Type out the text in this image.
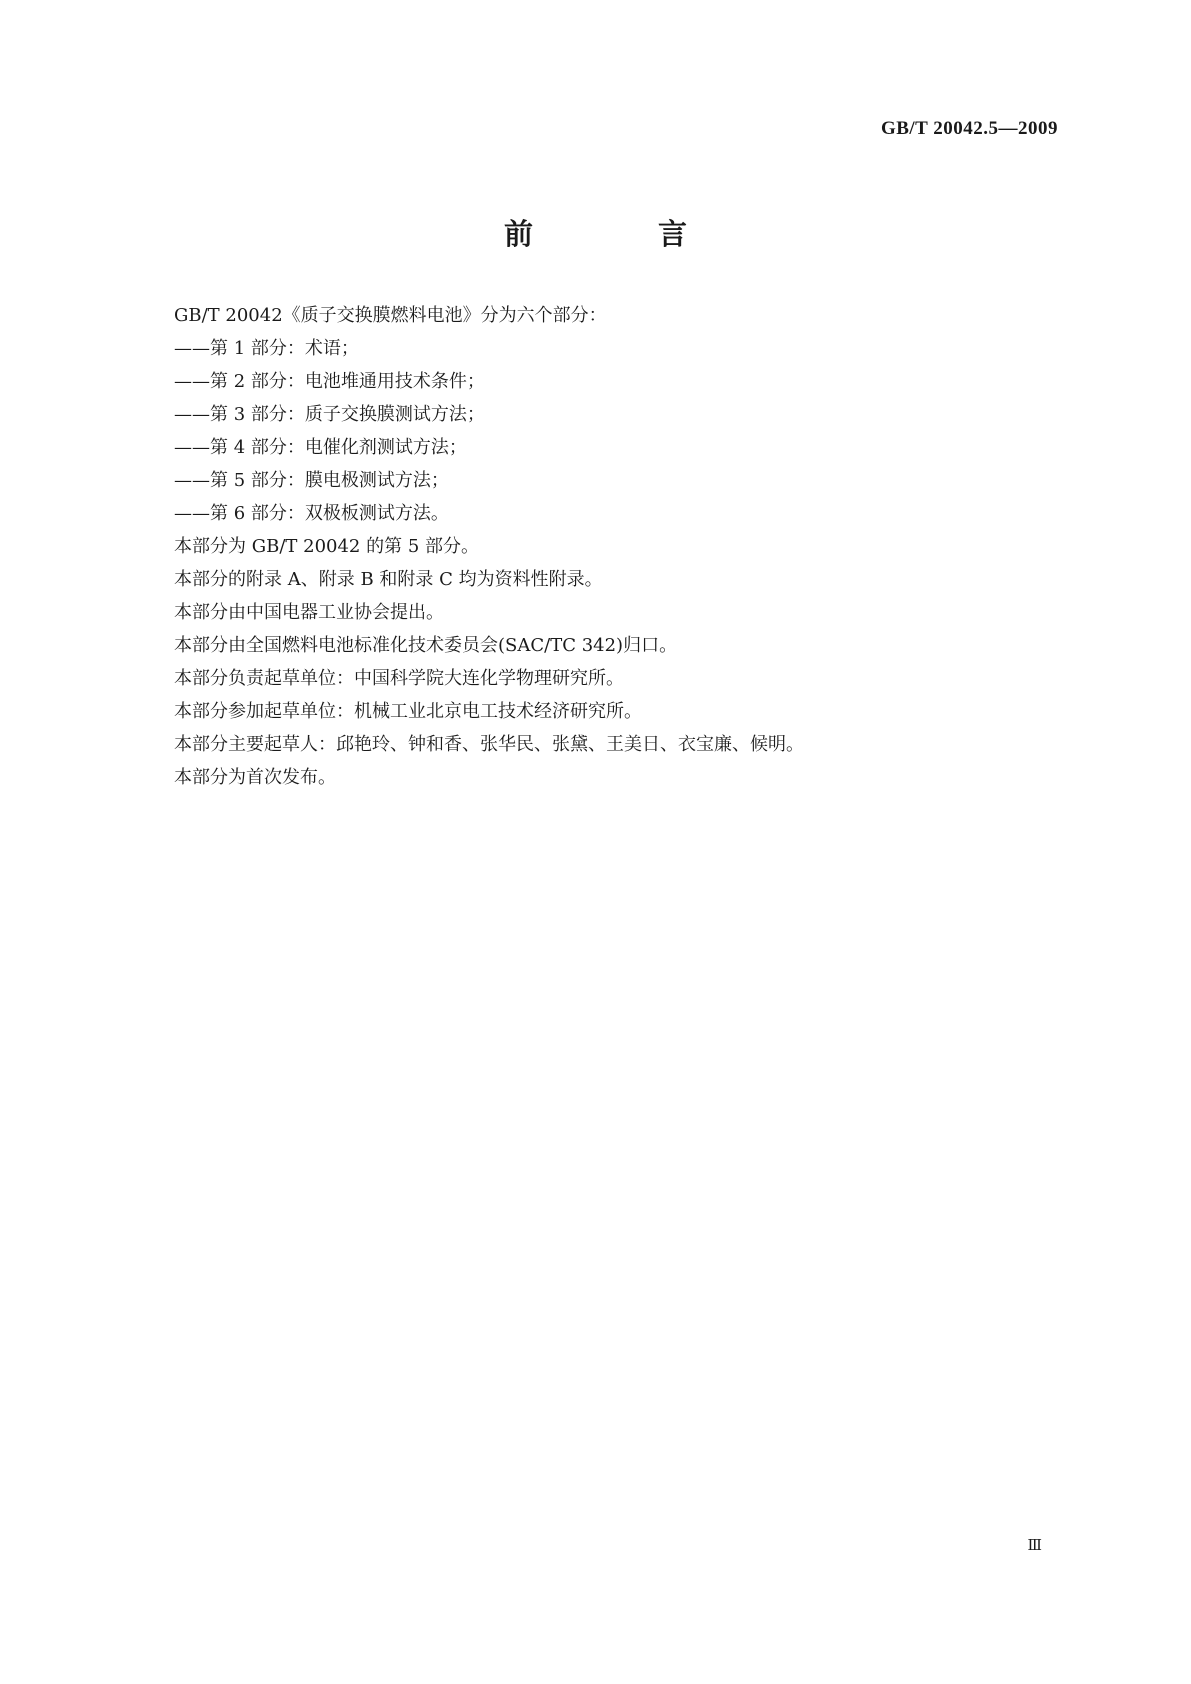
GB/T 20042.5—2009
前　言
GB/T 20042《质子交换膜燃料电池》分为六个部分：
——第 1 部分：术语；
——第 2 部分：电池堆通用技术条件；
——第 3 部分：质子交换膜测试方法；
——第 4 部分：电催化剂测试方法；
——第 5 部分：膜电极测试方法；
——第 6 部分：双极板测试方法。
本部分为 GB/T 20042 的第 5 部分。
本部分的附录 A、附录 B 和附录 C 均为资料性附录。
本部分由中国电器工业协会提出。
本部分由全国燃料电池标准化技术委员会(SAC/TC 342)归口。
本部分负责起草单位：中国科学院大连化学物理研究所。
本部分参加起草单位：机械工业北京电工技术经济研究所。
本部分主要起草人：邱艳玲、钟和香、张华民、张黛、王美日、衣宝廉、候明。
本部分为首次发布。
Ⅲ
